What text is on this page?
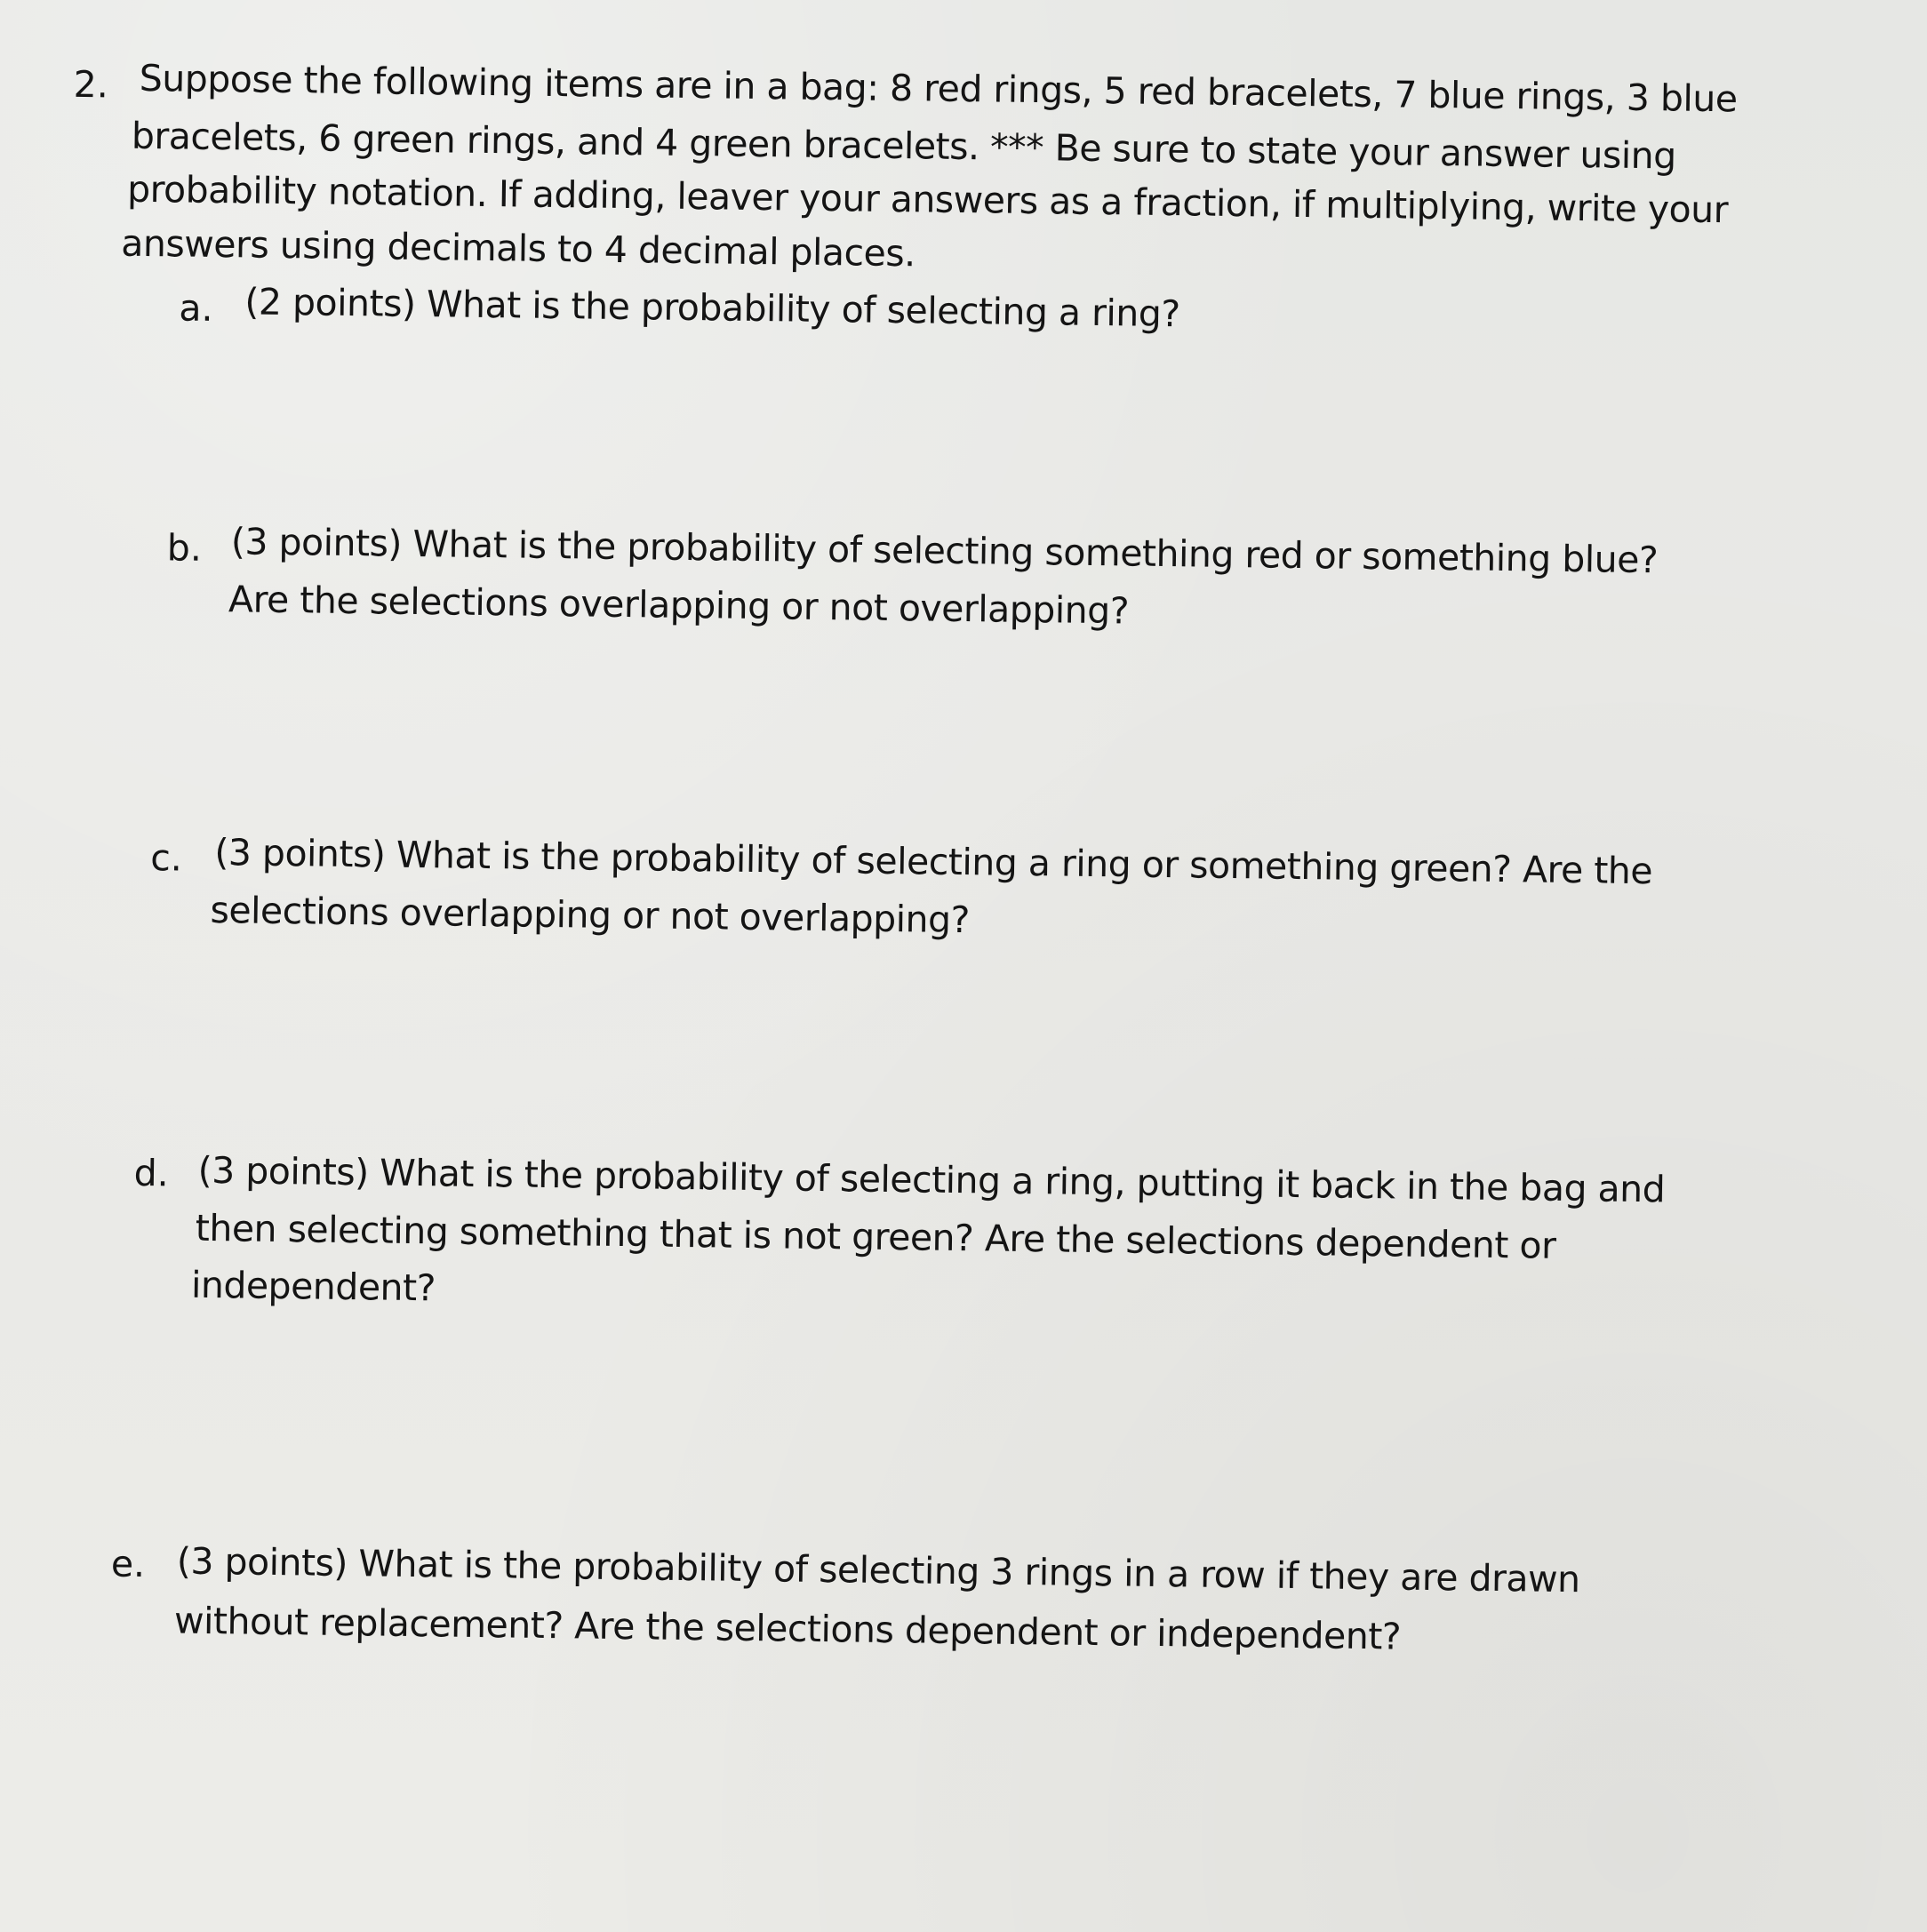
2. Suppose the following items are in a bag: 8 red rings, 5 red bracelets, 7 blue rings, 3 blue
bracelets, 6 green rings, and 4 green bracelets. *** Be sure to state your answer using
probability notation. If adding, leaver your answers as a fraction, if multiplying, write your
answers using decimals to 4 decimal places.
a. (2 points) What is the probability of selecting a ring?
b. (3 points) What is the probability of selecting something red or something blue?
Are the selections overlapping or not overlapping?
c. (3 points) What is the probability of selecting a ring or something green? Are the
selections overlapping or not overlapping?
d. (3 points) What is the probability of selecting a ring, putting it back in the bag and
then selecting something that is not green? Are the selections dependent or
independent?
e. (3 points) What is the probability of selecting 3 rings in a row if they are drawn
without replacement? Are the selections dependent or independent?
